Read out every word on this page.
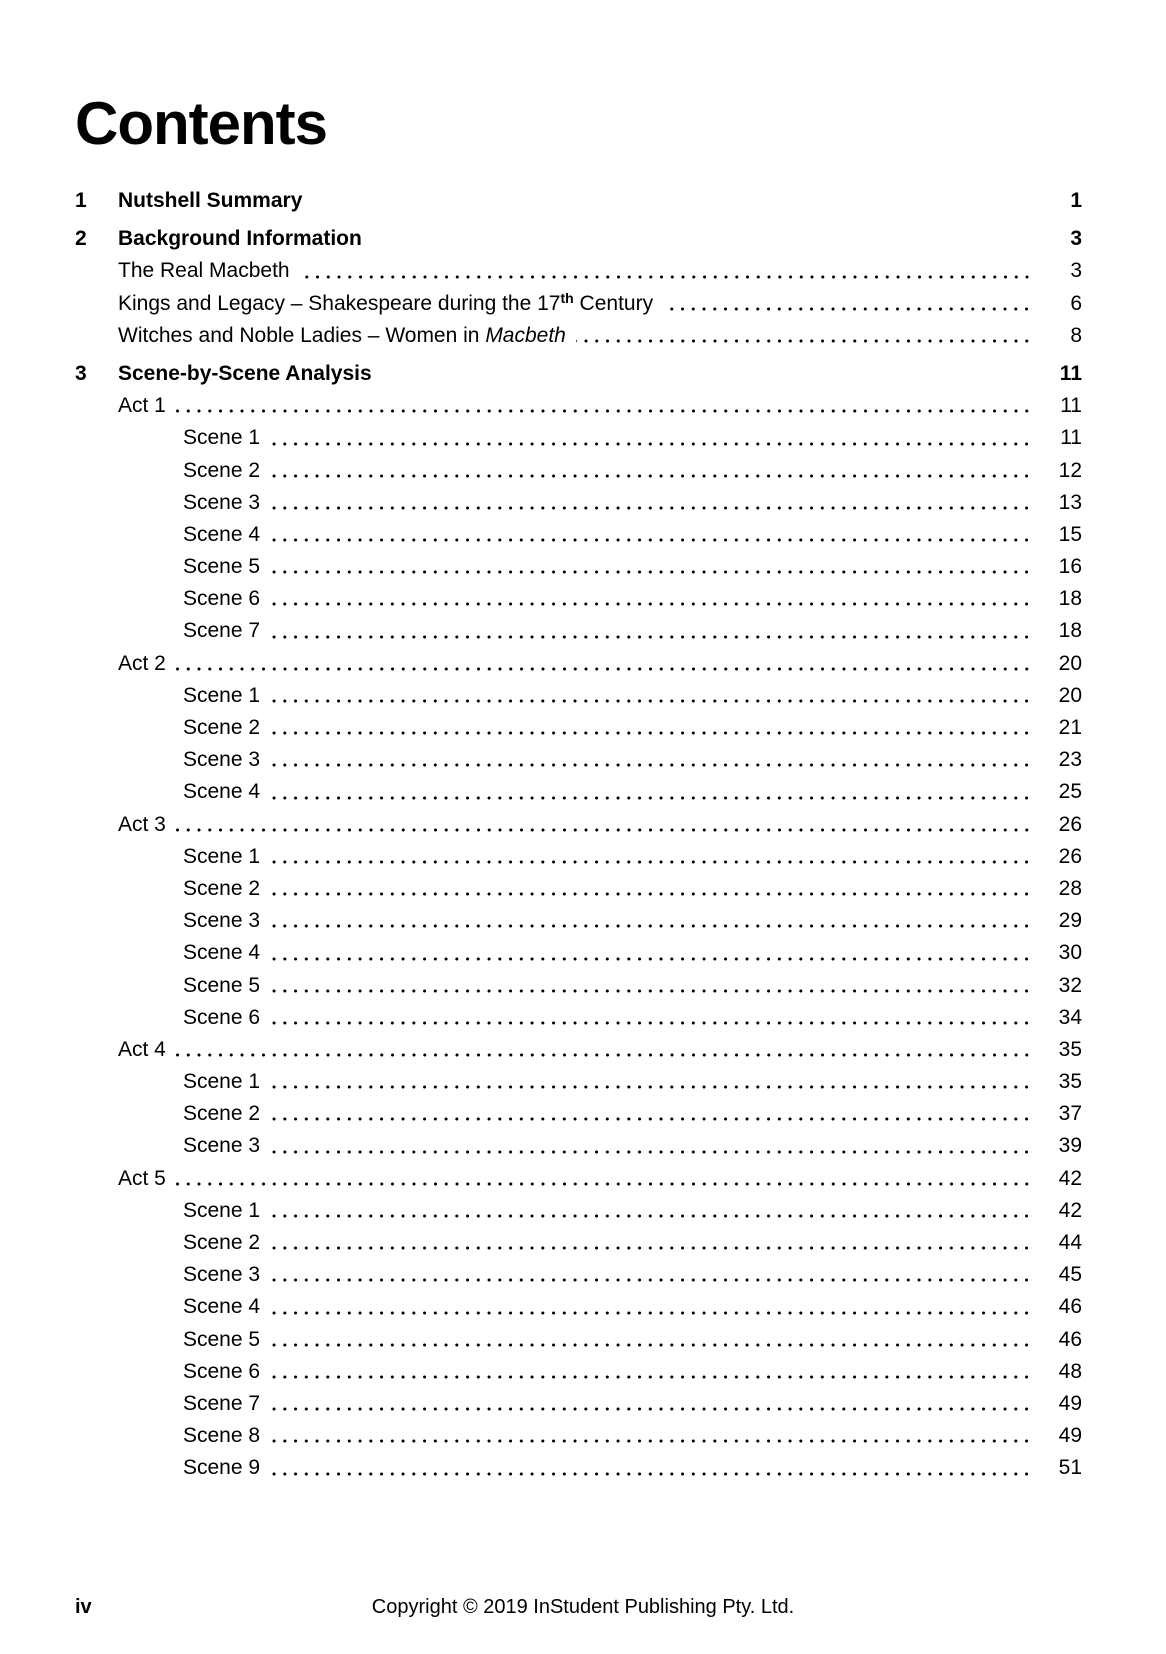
Contents
1	Nutshell Summary	1
2	Background Information	3
The Real Macbeth	3
Kings and Legacy – Shakespeare during the 17th Century	6
Witches and Noble Ladies – Women in Macbeth	8
3	Scene-by-Scene Analysis	11
Act 1	11
Scene 1	11
Scene 2	12
Scene 3	13
Scene 4	15
Scene 5	16
Scene 6	18
Scene 7	18
Act 2	20
Scene 1	20
Scene 2	21
Scene 3	23
Scene 4	25
Act 3	26
Scene 1	26
Scene 2	28
Scene 3	29
Scene 4	30
Scene 5	32
Scene 6	34
Act 4	35
Scene 1	35
Scene 2	37
Scene 3	39
Act 5	42
Scene 1	42
Scene 2	44
Scene 3	45
Scene 4	46
Scene 5	46
Scene 6	48
Scene 7	49
Scene 8	49
Scene 9	51
iv	Copyright © 2019 InStudent Publishing Pty. Ltd.
